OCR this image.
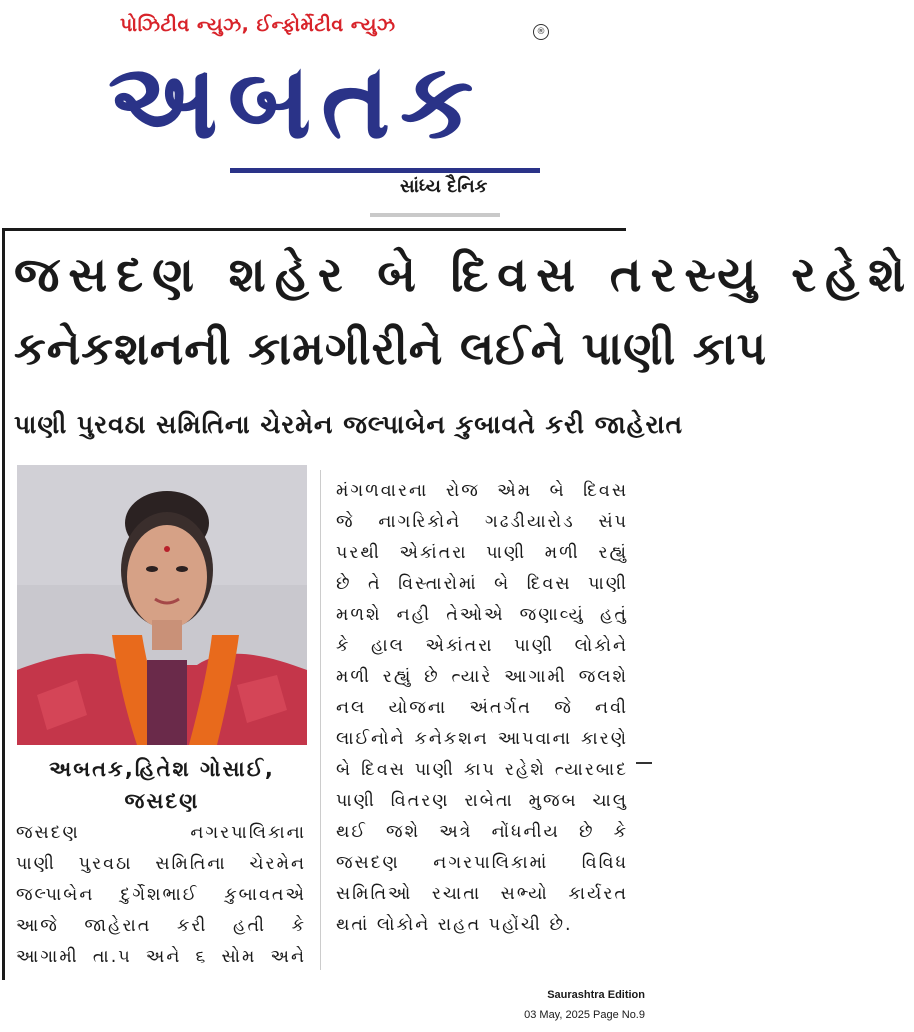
પોઝિટીવ ન્યુઝ, ઈન્ફોર્મેટીવ ન્યુઝ	®
અબતક
સાંધ્ય દૈનિક
જસદણ શહેર બે દિવસ તરસ્યુ રહેશે
કનેકશનની કામગીરીને લઈને પાણી કાપ
પાણી પુરવઠા સમિતિના ચેરમેન જલ્પાબેન કુબાવતે કરી જાહેરાત
અબતક,હિતેશ ગોસાઈ,
જસદણ
જસદણ નગરપાલિકાના
પાણી પુરવઠા સમિતિના ચેરમેન
જલ્પાબેન દુર્ગેશભાઈ કુબાવતએ
આજે જાહેરાત કરી હતી કે
આગામી તા.૫ અને ૬ સોમ અને
મંગળવારના રોજ એમ બે દિવસ
જે નાગરિકોને ગઢડીયારોડ સંપ
પરથી એકાંતરા પાણી મળી રહ્યું
છે તે વિસ્તારોમાં બે દિવસ પાણી
મળશે નહી તેઓએ જણાવ્યું હતું
કે હાલ એકાંતરા પાણી લોકોને
મળી રહ્યું છે ત્યારે આગામી જલશે
નલ યોજના અંતર્ગત જે નવી
લાઈનોને કનેકશન આપવાના કારણે
બે દિવસ પાણી કાપ રહેશે ત્યારબાદ
પાણી વિતરણ રાબેતા મુજબ ચાલુ
થઈ જશે અત્રે નોંધનીય છે કે
જસદણ નગરપાલિકામાં વિવિધ
સમિતિઓ રચાતા સભ્યો કાર્યરત
થતાં લોકોને રાહત પહોંચી છે.
Saurashtra Edition
03 May, 2025 Page No.9
